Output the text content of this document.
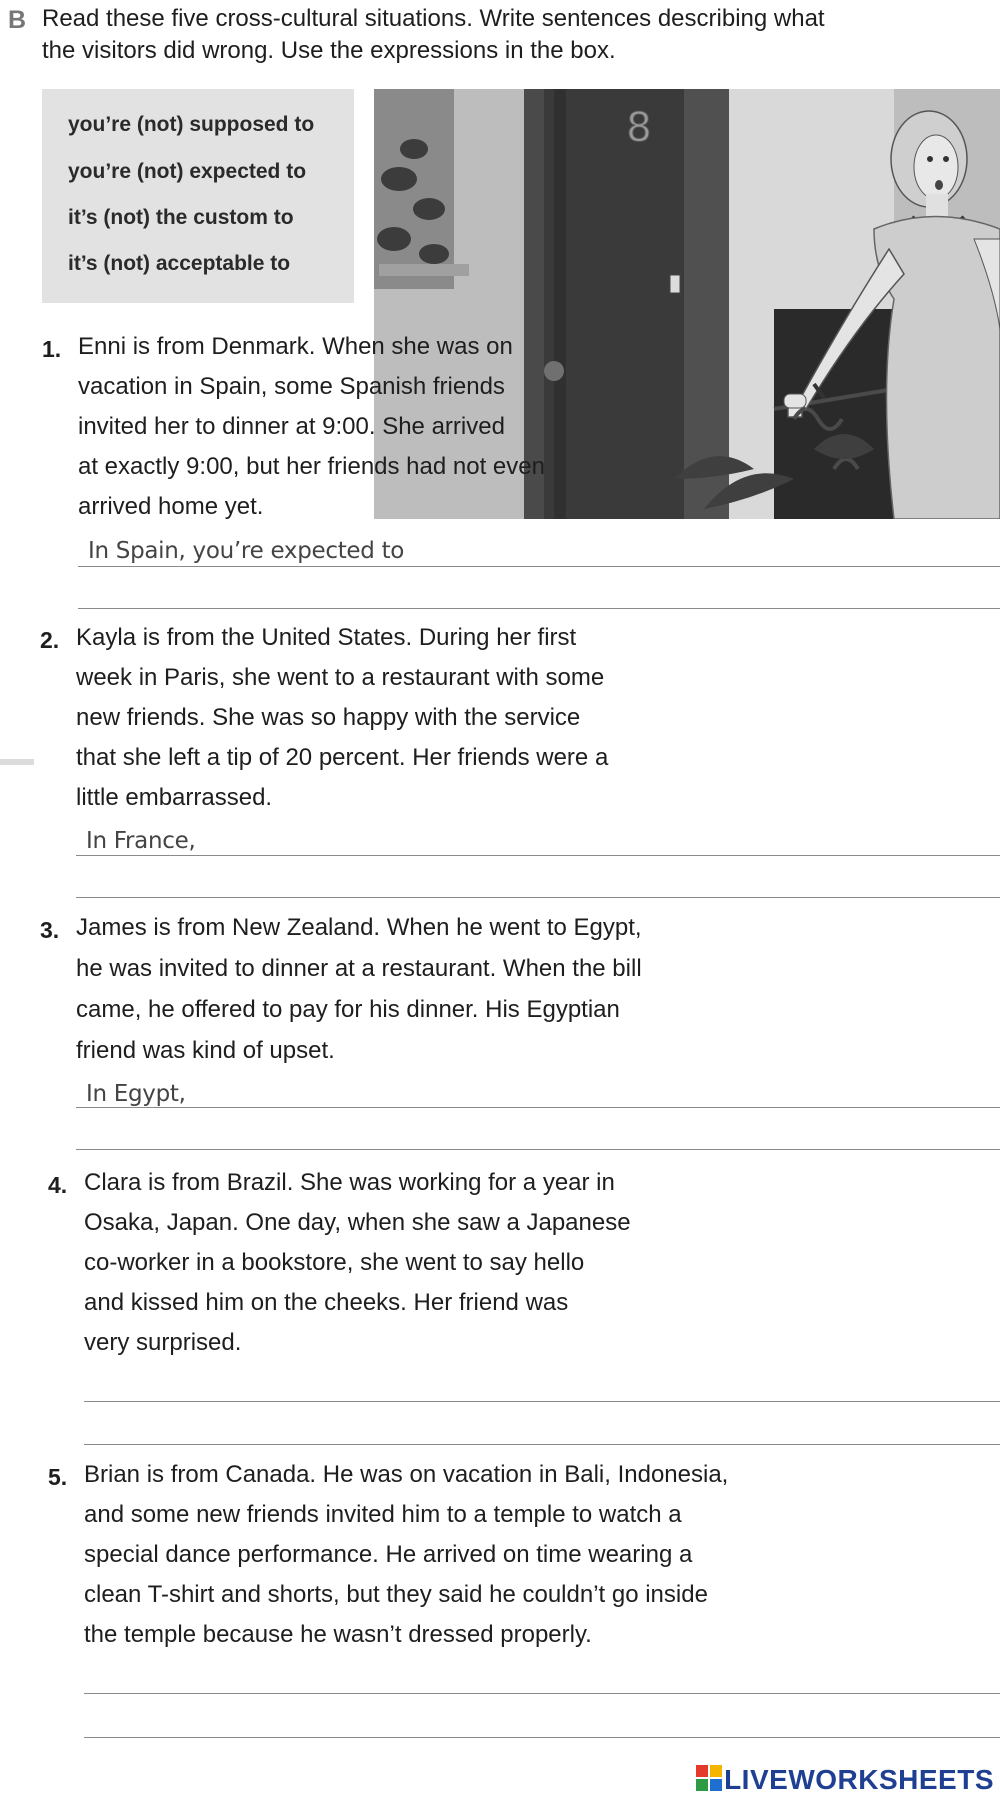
B Read these five cross-cultural situations. Write sentences describing what
the visitors did wrong. Use the expressions in the box.
you’re (not) supposed to
you’re (not) expected to
it’s (not) the custom to
it’s (not) acceptable to
8
1. Enni is from Denmark. When she was on
vacation in Spain, some Spanish friends
invited her to dinner at 9:00. She arrived
at exactly 9:00, but her friends had not even
arrived home yet.
In Spain, you’re expected to
2. Kayla is from the United States. During her first
week in Paris, she went to a restaurant with some
new friends. She was so happy with the service
that she left a tip of 20 percent. Her friends were a
little embarrassed.
In France,
3. James is from New Zealand. When he went to Egypt,
he was invited to dinner at a restaurant. When the bill
came, he offered to pay for his dinner. His Egyptian
friend was kind of upset.
In Egypt,
4. Clara is from Brazil. She was working for a year in
Osaka, Japan. One day, when she saw a Japanese
co-worker in a bookstore, she went to say hello
and kissed him on the cheeks. Her friend was
very surprised.
5. Brian is from Canada. He was on vacation in Bali, Indonesia,
and some new friends invited him to a temple to watch a
special dance performance. He arrived on time wearing a
clean T-shirt and shorts, but they said he couldn’t go inside
the temple because he wasn’t dressed properly.
LIVEWORKSHEETS
